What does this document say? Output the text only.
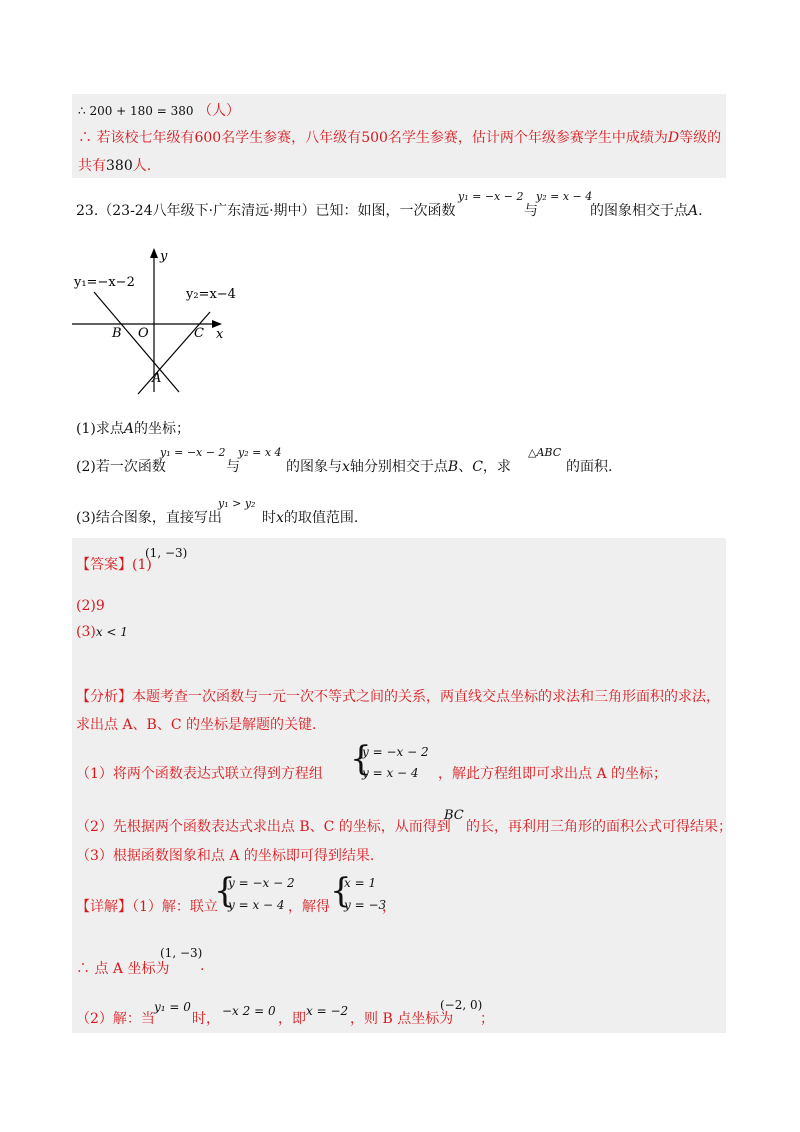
∴ 200 + 180 = 380 （人）
∴ 若该校七年级有600名学生参赛，八年级有500名学生参赛，估计两个年级参赛学生中成绩为D等级的
共有380人.
23.（23-24八年级下·广东清远·期中）已知：如图，一次函数
y₁ = −x − 2
与
y₂ = x − 4
的图象相交于点A.
y₁=−x−2
y₂=x−4
x
y
B O	C
A
(1)求点A的坐标；
(2)若一次函数
y₁ = −x − 2
与
y₂ = x 4
的图象与x轴分别相交于点B、C，求
△ABC
的面积.
(3)结合图象，直接写出
y₁ > y₂
时x的取值范围.
【答案】(1)
(1, −3)
(2)9
(3)x < 1
【分析】本题考查一次函数与一元一次不等式之间的关系，两直线交点坐标的求法和三角形面积的求法，
求出点 A、B、C 的坐标是解题的关键.
（1）将两个函数表达式联立得到方程组 {
y = −x − 2
y = x − 4 ，解此方程组即可求出点 A 的坐标；
（2）先根据两个函数表达式求出点 B、C 的坐标，从而得到
BC
的长，再利用三角形的面积公式可得结果；
（3）根据函数图象和点 A 的坐标即可得到结果.
【详解】（1）解：联立
{
y = −x − 2
y = x − 4 ，解得 {
x = 1
y = −3
，
∴ 点 A 坐标为
(1, −3)
.
（2）解：当
y₁ = 0
时， −x 2 = 0 ，即 x = −2 ，则 B 点坐标为
(−2, 0)
；
